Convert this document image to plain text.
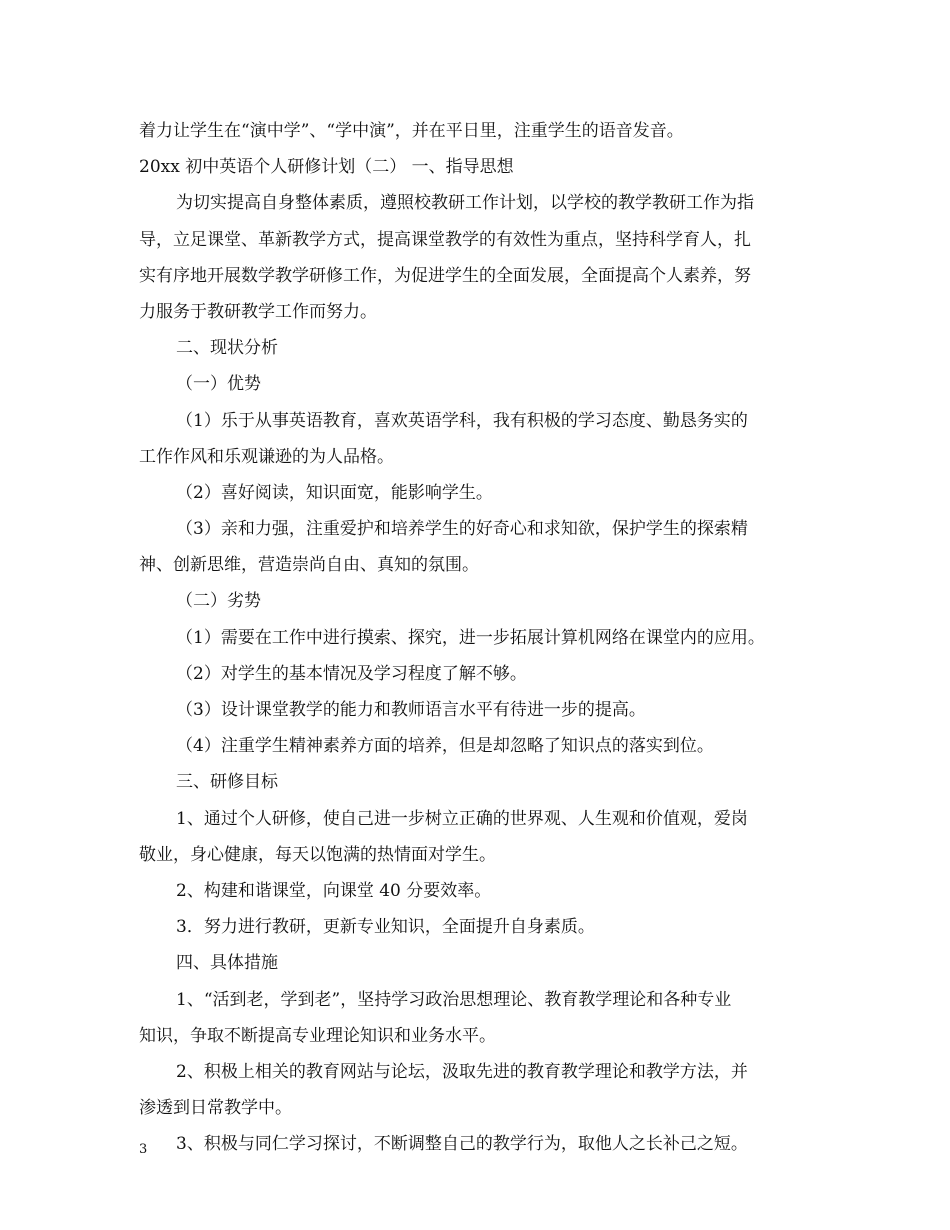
着力让学生在“演中学”、“学中演”，并在平日里，注重学生的语音发音。

20xx 初中英语个人研修计划（二） 一、指导思想

为切实提高自身整体素质，遵照校教研工作计划，以学校的教学教研工作为指

导，立足课堂、革新教学方式，提高课堂教学的有效性为重点，坚持科学育人，扎

实有序地开展数学教学研修工作，为促进学生的全面发展，全面提高个人素养，努

力服务于教研教学工作而努力。

二、现状分析

（一）优势

（1）乐于从事英语教育，喜欢英语学科，我有积极的学习态度、勤恳务实的

工作作风和乐观谦逊的为人品格。

（2）喜好阅读，知识面宽，能影响学生。

（3）亲和力强，注重爱护和培养学生的好奇心和求知欲，保护学生的探索精

神、创新思维，营造崇尚自由、真知的氛围。

（二）劣势

（1）需要在工作中进行摸索、探究，进一步拓展计算机网络在课堂内的应用。

（2）对学生的基本情况及学习程度了解不够。

（3）设计课堂教学的能力和教师语言水平有待进一步的提高。

（4）注重学生精神素养方面的培养，但是却忽略了知识点的落实到位。

三、研修目标

1、通过个人研修，使自己进一步树立正确的世界观、人生观和价值观，爱岗

敬业，身心健康，每天以饱满的热情面对学生。

2、构建和谐课堂，向课堂 40 分要效率。

3．努力进行教研，更新专业知识，全面提升自身素质。

四、具体措施

1、“活到老，学到老”，坚持学习政治思想理论、教育教学理论和各种专业

知识，争取不断提高专业理论知识和业务水平。

2、积极上相关的教育网站与论坛，汲取先进的教育教学理论和教学方法，并

渗透到日常教学中。

3、积极与同仁学习探讨，不断调整自己的教学行为，取他人之长补己之短。

3
